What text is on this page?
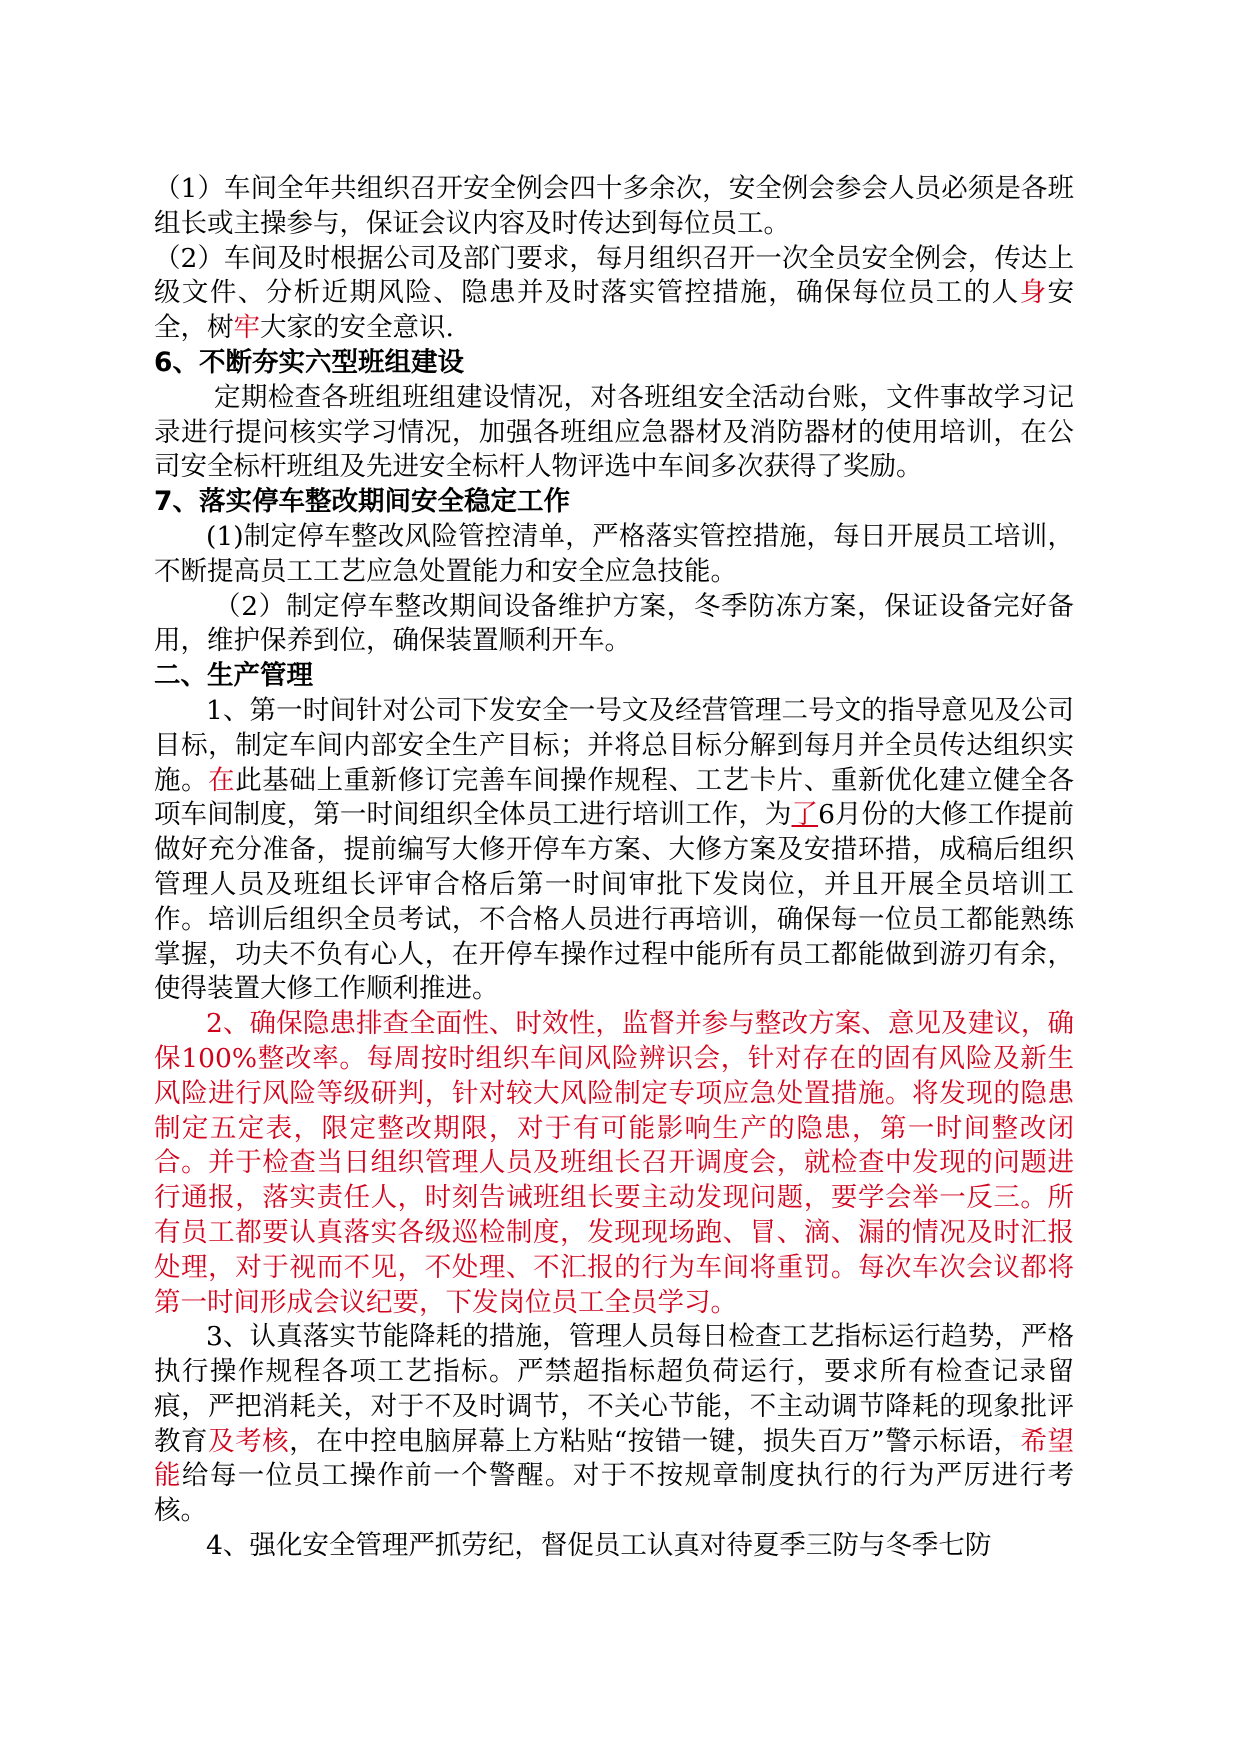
（1）车间全年共组织召开安全例会四十多余次，安全例会参会人员必须是各班组长或主操参与，保证会议内容及时传达到每位员工。

（2）车间及时根据公司及部门要求，每月组织召开一次全员安全例会，传达上级文件、分析近期风险、隐患并及时落实管控措施，确保每位员工的人身安全，树牢大家的安全意识.

6、不断夯实六型班组建设

定期检查各班组班组建设情况，对各班组安全活动台账，文件事故学习记录进行提问核实学习情况，加强各班组应急器材及消防器材的使用培训，在公司安全标杆班组及先进安全标杆人物评选中车间多次获得了奖励。

7、落实停车整改期间安全稳定工作

(1)制定停车整改风险管控清单，严格落实管控措施，每日开展员工培训，不断提高员工工艺应急处置能力和安全应急技能。

（2）制定停车整改期间设备维护方案，冬季防冻方案，保证设备完好备用，维护保养到位，确保装置顺利开车。

二、生产管理

1、第一时间针对公司下发安全一号文及经营管理二号文的指导意见及公司目标，制定车间内部安全生产目标；并将总目标分解到每月并全员传达组织实施。在此基础上重新修订完善车间操作规程、工艺卡片、重新优化建立健全各项车间制度，第一时间组织全体员工进行培训工作，为了6月份的大修工作提前做好充分准备，提前编写大修开停车方案、大修方案及安措环措，成稿后组织管理人员及班组长评审合格后第一时间审批下发岗位，并且开展全员培训工作。培训后组织全员考试，不合格人员进行再培训，确保每一位员工都能熟练掌握，功夫不负有心人，在开停车操作过程中能所有员工都能做到游刃有余，使得装置大修工作顺利推进。

2、确保隐患排查全面性、时效性，监督并参与整改方案、意见及建议，确保100%整改率。每周按时组织车间风险辨识会，针对存在的固有风险及新生风险进行风险等级研判，针对较大风险制定专项应急处置措施。将发现的隐患制定五定表，限定整改期限，对于有可能影响生产的隐患，第一时间整改闭合。并于检查当日组织管理人员及班组长召开调度会，就检查中发现的问题进行通报，落实责任人，时刻告诫班组长要主动发现问题，要学会举一反三。所有员工都要认真落实各级巡检制度，发现现场跑、冒、滴、漏的情况及时汇报处理，对于视而不见，不处理、不汇报的行为车间将重罚。每次车次会议都将第一时间形成会议纪要，下发岗位员工全员学习。

3、认真落实节能降耗的措施，管理人员每日检查工艺指标运行趋势，严格执行操作规程各项工艺指标。严禁超指标超负荷运行，要求所有检查记录留痕，严把消耗关，对于不及时调节，不关心节能，不主动调节降耗的现象批评教育及考核，在中控电脑屏幕上方粘贴“按错一键，损失百万”警示标语，希望能给每一位员工操作前一个警醒。对于不按规章制度执行的行为严厉进行考核。

4、强化安全管理严抓劳纪，督促员工认真对待夏季三防与冬季七防
